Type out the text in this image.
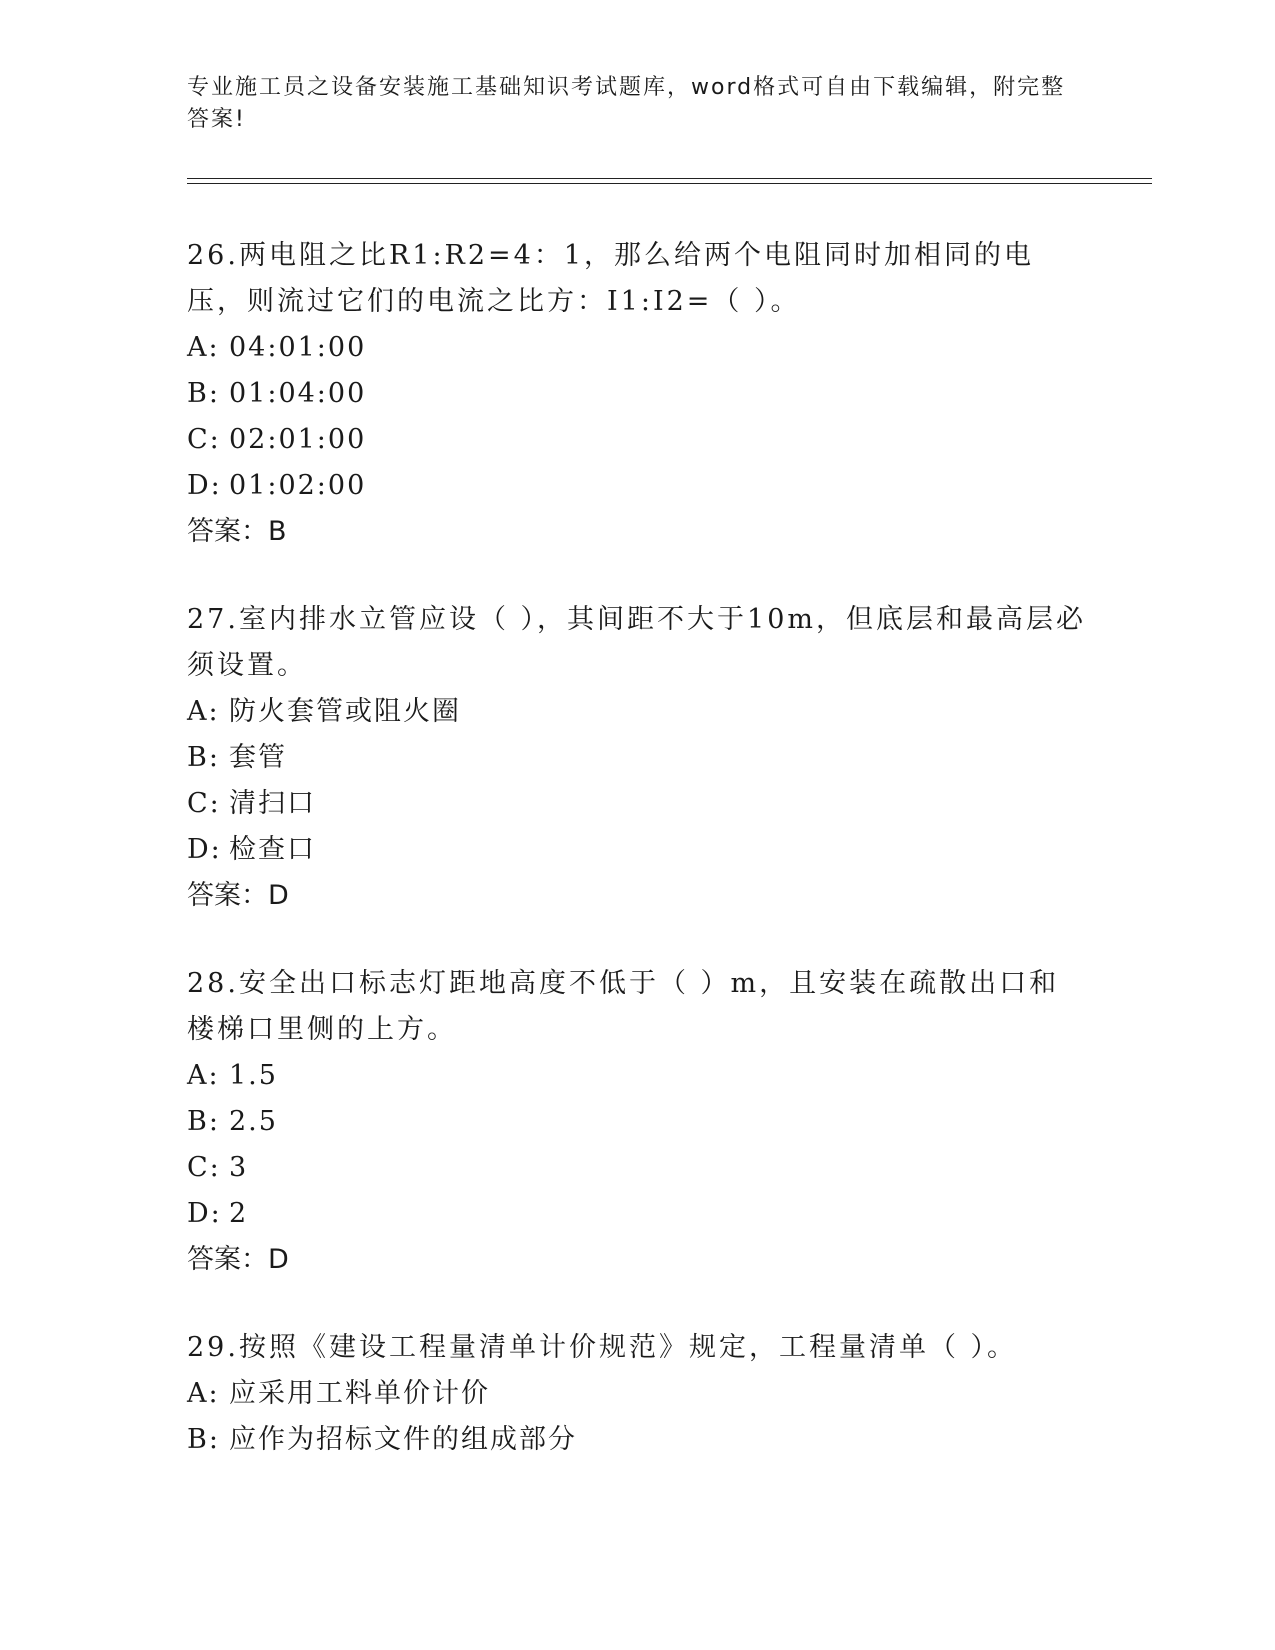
专业施工员之设备安装施工基础知识考试题库，word格式可自由下载编辑，附完整答案!

26.两电阻之比R1:R2=4：1，那么给两个电阻同时加相同的电压，则流过它们的电流之比方：I1:I2=（ ）。

A: 04:01:00

B: 01:04:00

C: 02:01:00

D: 01:02:00

答案：B

27.室内排水立管应设（ ），其间距不大于10m，但底层和最高层必须设置。

A: 防火套管或阻火圈

B: 套管

C: 清扫口

D: 检查口

答案：D

28.安全出口标志灯距地高度不低于（ ）m，且安装在疏散出口和楼梯口里侧的上方。

A: 1.5

B: 2.5

C: 3

D: 2

答案：D

29.按照《建设工程量清单计价规范》规定，工程量清单（ ）。

A: 应采用工料单价计价

B: 应作为招标文件的组成部分
